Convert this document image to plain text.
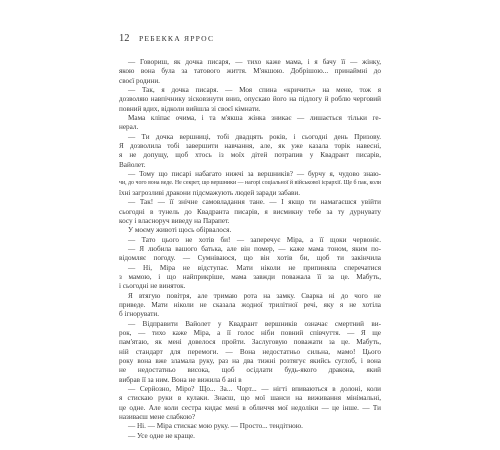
12 РЕБЕККА ЯРРОС
— Говориш, як дочка писаря, — тихо каже мама, і я бачу її — жінку,
якою вона була за татового життя. М'якшою. Добрішою... принаймні до
своєї родини.
— Так, я дочка писаря. — Моя спина «кричить» на мене, тож я
дозволяю навпічнику зісковзнути вниз, опускаю його на підлогу й роблю черговий
повний вдих, відколи вийшла зі своєї кімнати.
Мама кліпає очима, і та м'якша жінка зникає — лишається тільки ге-
нерал.
— Ти дочка вершниці, тобі двадцять років, і сьогодні день Призову.
Я дозволила тобі завершити навчання, але, як уже казала торік навесні,
я не допущу, щоб хтось із моїх дітей потрапив у Квадрант писарів,
Вайолет.
— Тому що писарі набагато нижчі за вершників? — бурчу я, чудово знаю-
чи, до чого вона веде. Не секрет, що вершники — нагорі соціальної й військової ієрархії. Ще б пак, коли
їхні загрозливі дракони підсмажують людей заради забави.
— Так! — її знічне самовладання тане. — І якщо ти намагаєшся увійти
сьогодні в тунель до Квадранта писарів, я висмикну тебе за ту дурнувату
косу і власноруч виведу на Парапет.
У моєму животі щось обірвалося.
— Тато цього не хотів би! — заперечує Міра, а її щоки червоніє.
— Я любила вашого батька, але він помер, — каже мама тоном, яким по-
відомляє погоду. — Сумніваюся, що він хотів би, щоб ти закінчила
— Ні, Міра не відступає. Мати ніколи не припиняла сперечатися
з мамою, і що найприкріше, мама завжди поважала її за це. Мабуть,
і сьогодні не виняток.
Я втягую повітря, але тримаю рота на замку. Сварка ні до чого не
приведе. Мати ніколи не сказала жодної трилітної речі, яку я не хотіла
б ігнорувати.
— Відправити Вайолет у Квадрант вершників означає смертний ви-
рок, — тихо каже Міра, а її голос ніби повний співчуття. — Я ще
пам'ятаю, як мені довелося пройти. Заслуговую поважати за це. Мабуть,
ній стандарт для перемоги. — Вона недостатньо сильна, мамо! Цього
року вона вже зламала руку, раз на два тижні розтягує якийсь суглоб, і вона
не недостатньо висока, щоб осідлати будь-якого дракона, який
вибрав її за ним. Вона не вижила б ані в
— Серйозно, Міро? Що... За... Чорт... — нігті впиваються в долоні, коли
я стискаю руки в кулаки. Знаєш, що мої шанси на виживання мінімальні,
це одне. Але коли сестра кидає мені в обличчя мої недоліки — це інше. — Ти
називаєш мене слабкою?
— Ні. — Міра стискає мою руку. — Просто... тендітною.
— Усе одне не краще.
